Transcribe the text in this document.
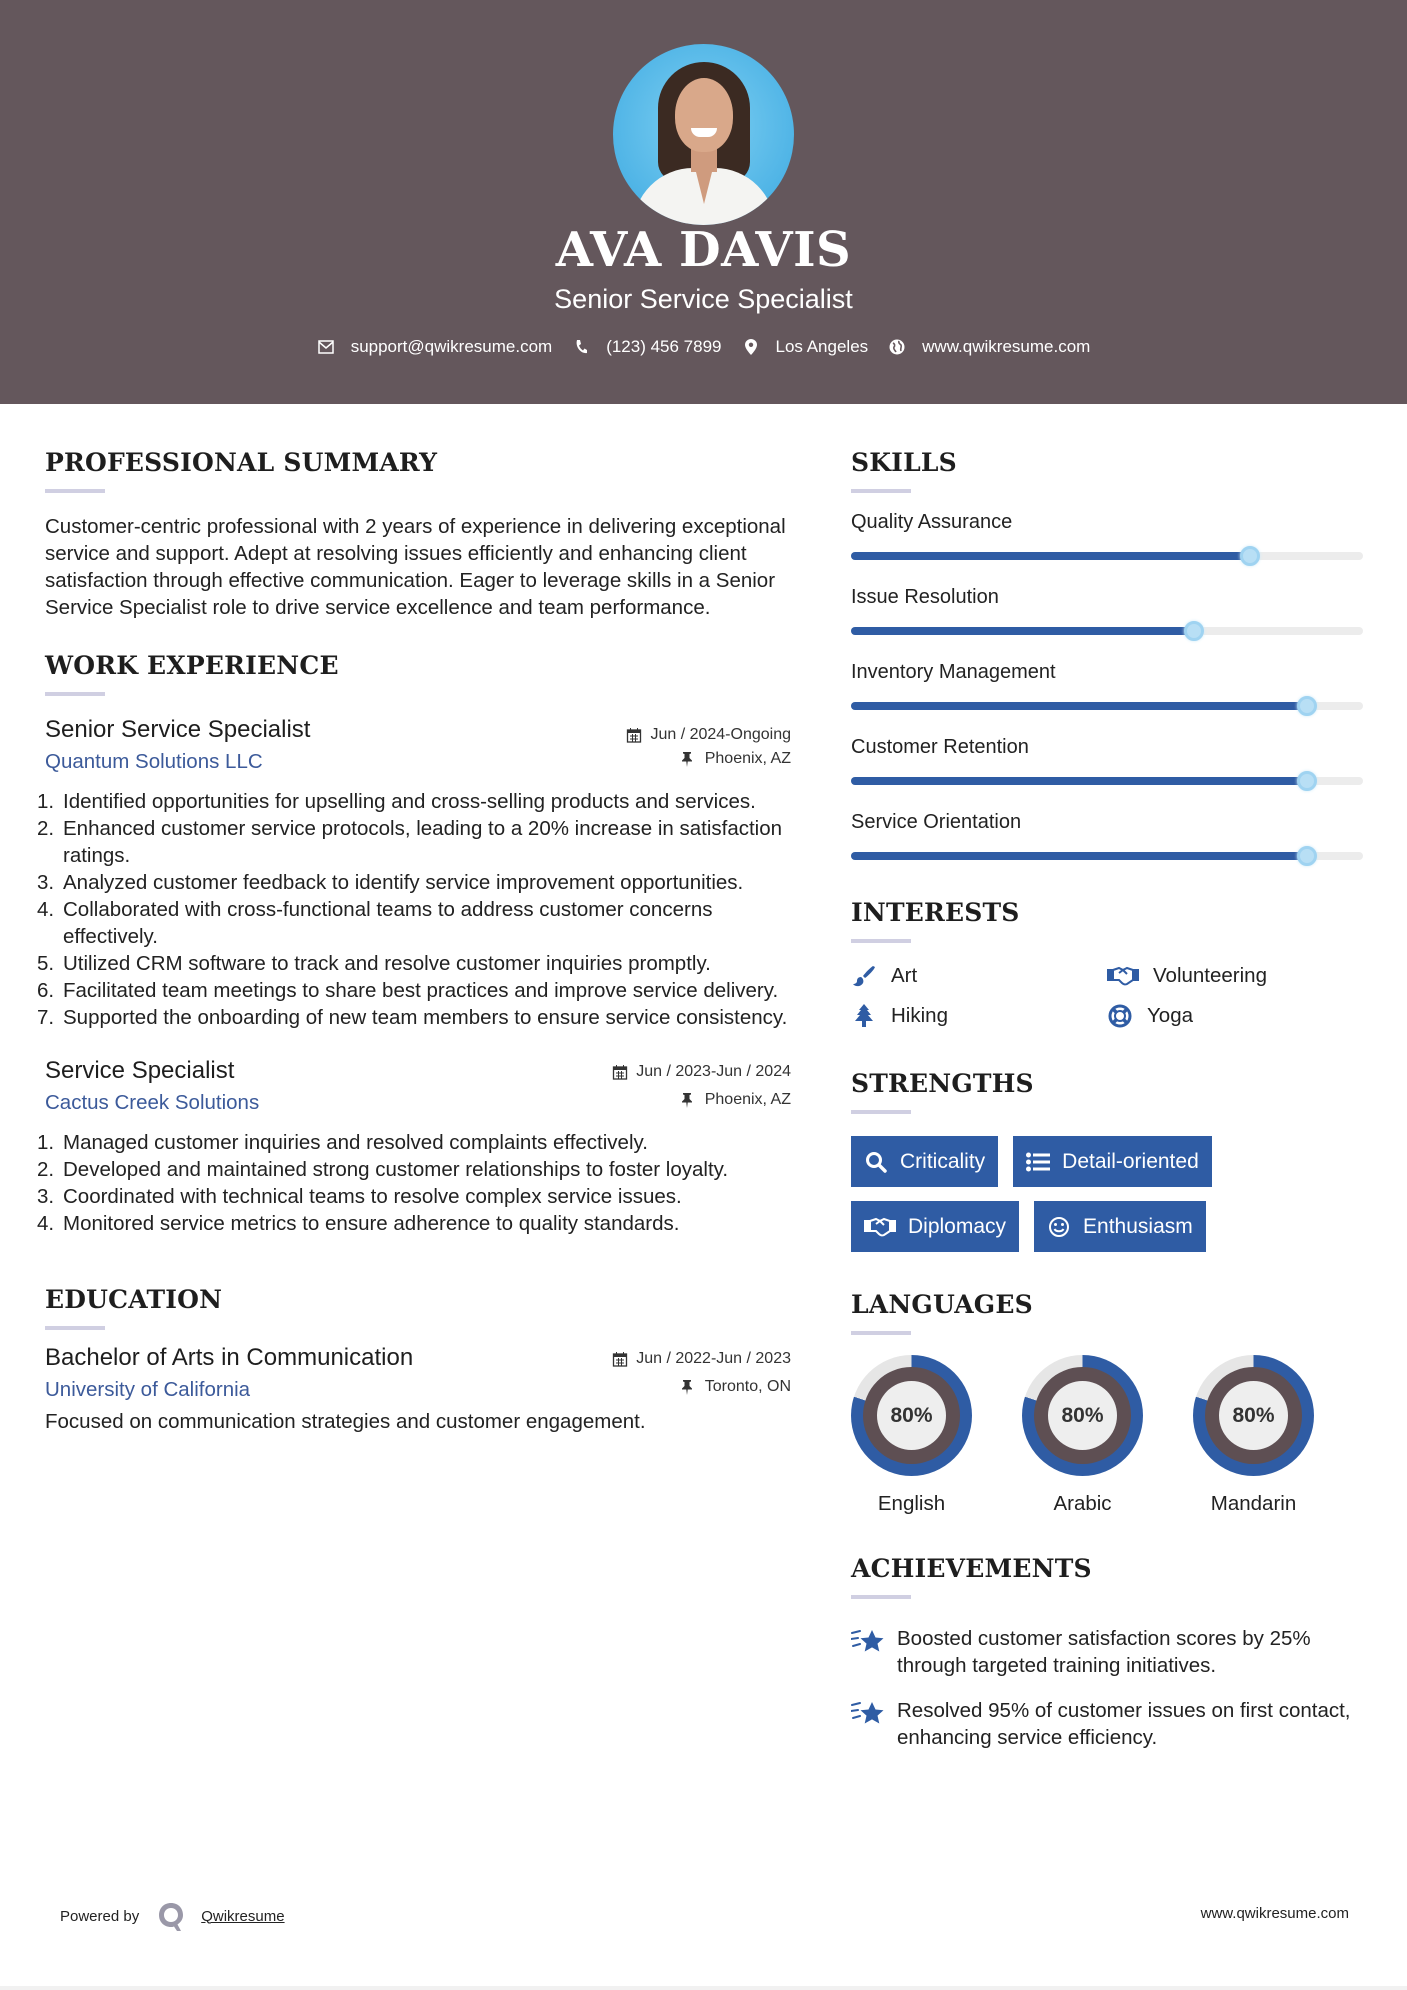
AVA DAVIS
Senior Service Specialist
support@qwikresume.com	(123) 456 7899	Los Angeles	www.qwikresume.com
PROFESSIONAL SUMMARY

Customer-centric professional with 2 years of experience in delivering exceptional service and support. Adept at resolving issues efficiently and enhancing client satisfaction through effective communication. Eager to leverage skills in a Senior Service Specialist role to drive service excellence and team performance.

WORK EXPERIENCE
Senior Service Specialist	Jun / 2024-Ongoing
Quantum Solutions LLC	Phoenix, AZ
1. Identified opportunities for upselling and cross-selling products and services.
2. Enhanced customer service protocols, leading to a 20% increase in satisfaction ratings.
3. Analyzed customer feedback to identify service improvement opportunities.
4. Collaborated with cross-functional teams to address customer concerns effectively.
5. Utilized CRM software to track and resolve customer inquiries promptly.
6. Facilitated team meetings to share best practices and improve service delivery.
7. Supported the onboarding of new team members to ensure service consistency.
Service Specialist	Jun / 2023-Jun / 2024
Cactus Creek Solutions	Phoenix, AZ
1. Managed customer inquiries and resolved complaints effectively.
2. Developed and maintained strong customer relationships to foster loyalty.
3. Coordinated with technical teams to resolve complex service issues.
4. Monitored service metrics to ensure adherence to quality standards.
EDUCATION
Bachelor of Arts in Communication	Jun / 2022-Jun / 2023
University of California	Toronto, ON

Focused on communication strategies and customer engagement.

SKILLS
Quality Assurance
Issue Resolution
Inventory Management
Customer Retention
Service Orientation
INTERESTS
Art	Volunteering
Hiking	Yoga
STRENGTHS
Criticality	Detail-oriented
Diplomacy	Enthusiasm
LANGUAGES
80%
English
80%
Arabic
80%
Mandarin
ACHIEVEMENTS
Boosted customer satisfaction scores by 25% through targeted training initiatives.
Resolved 95% of customer issues on first contact, enhancing service efficiency.
Powered by	Qwikresume	www.qwikresume.com
